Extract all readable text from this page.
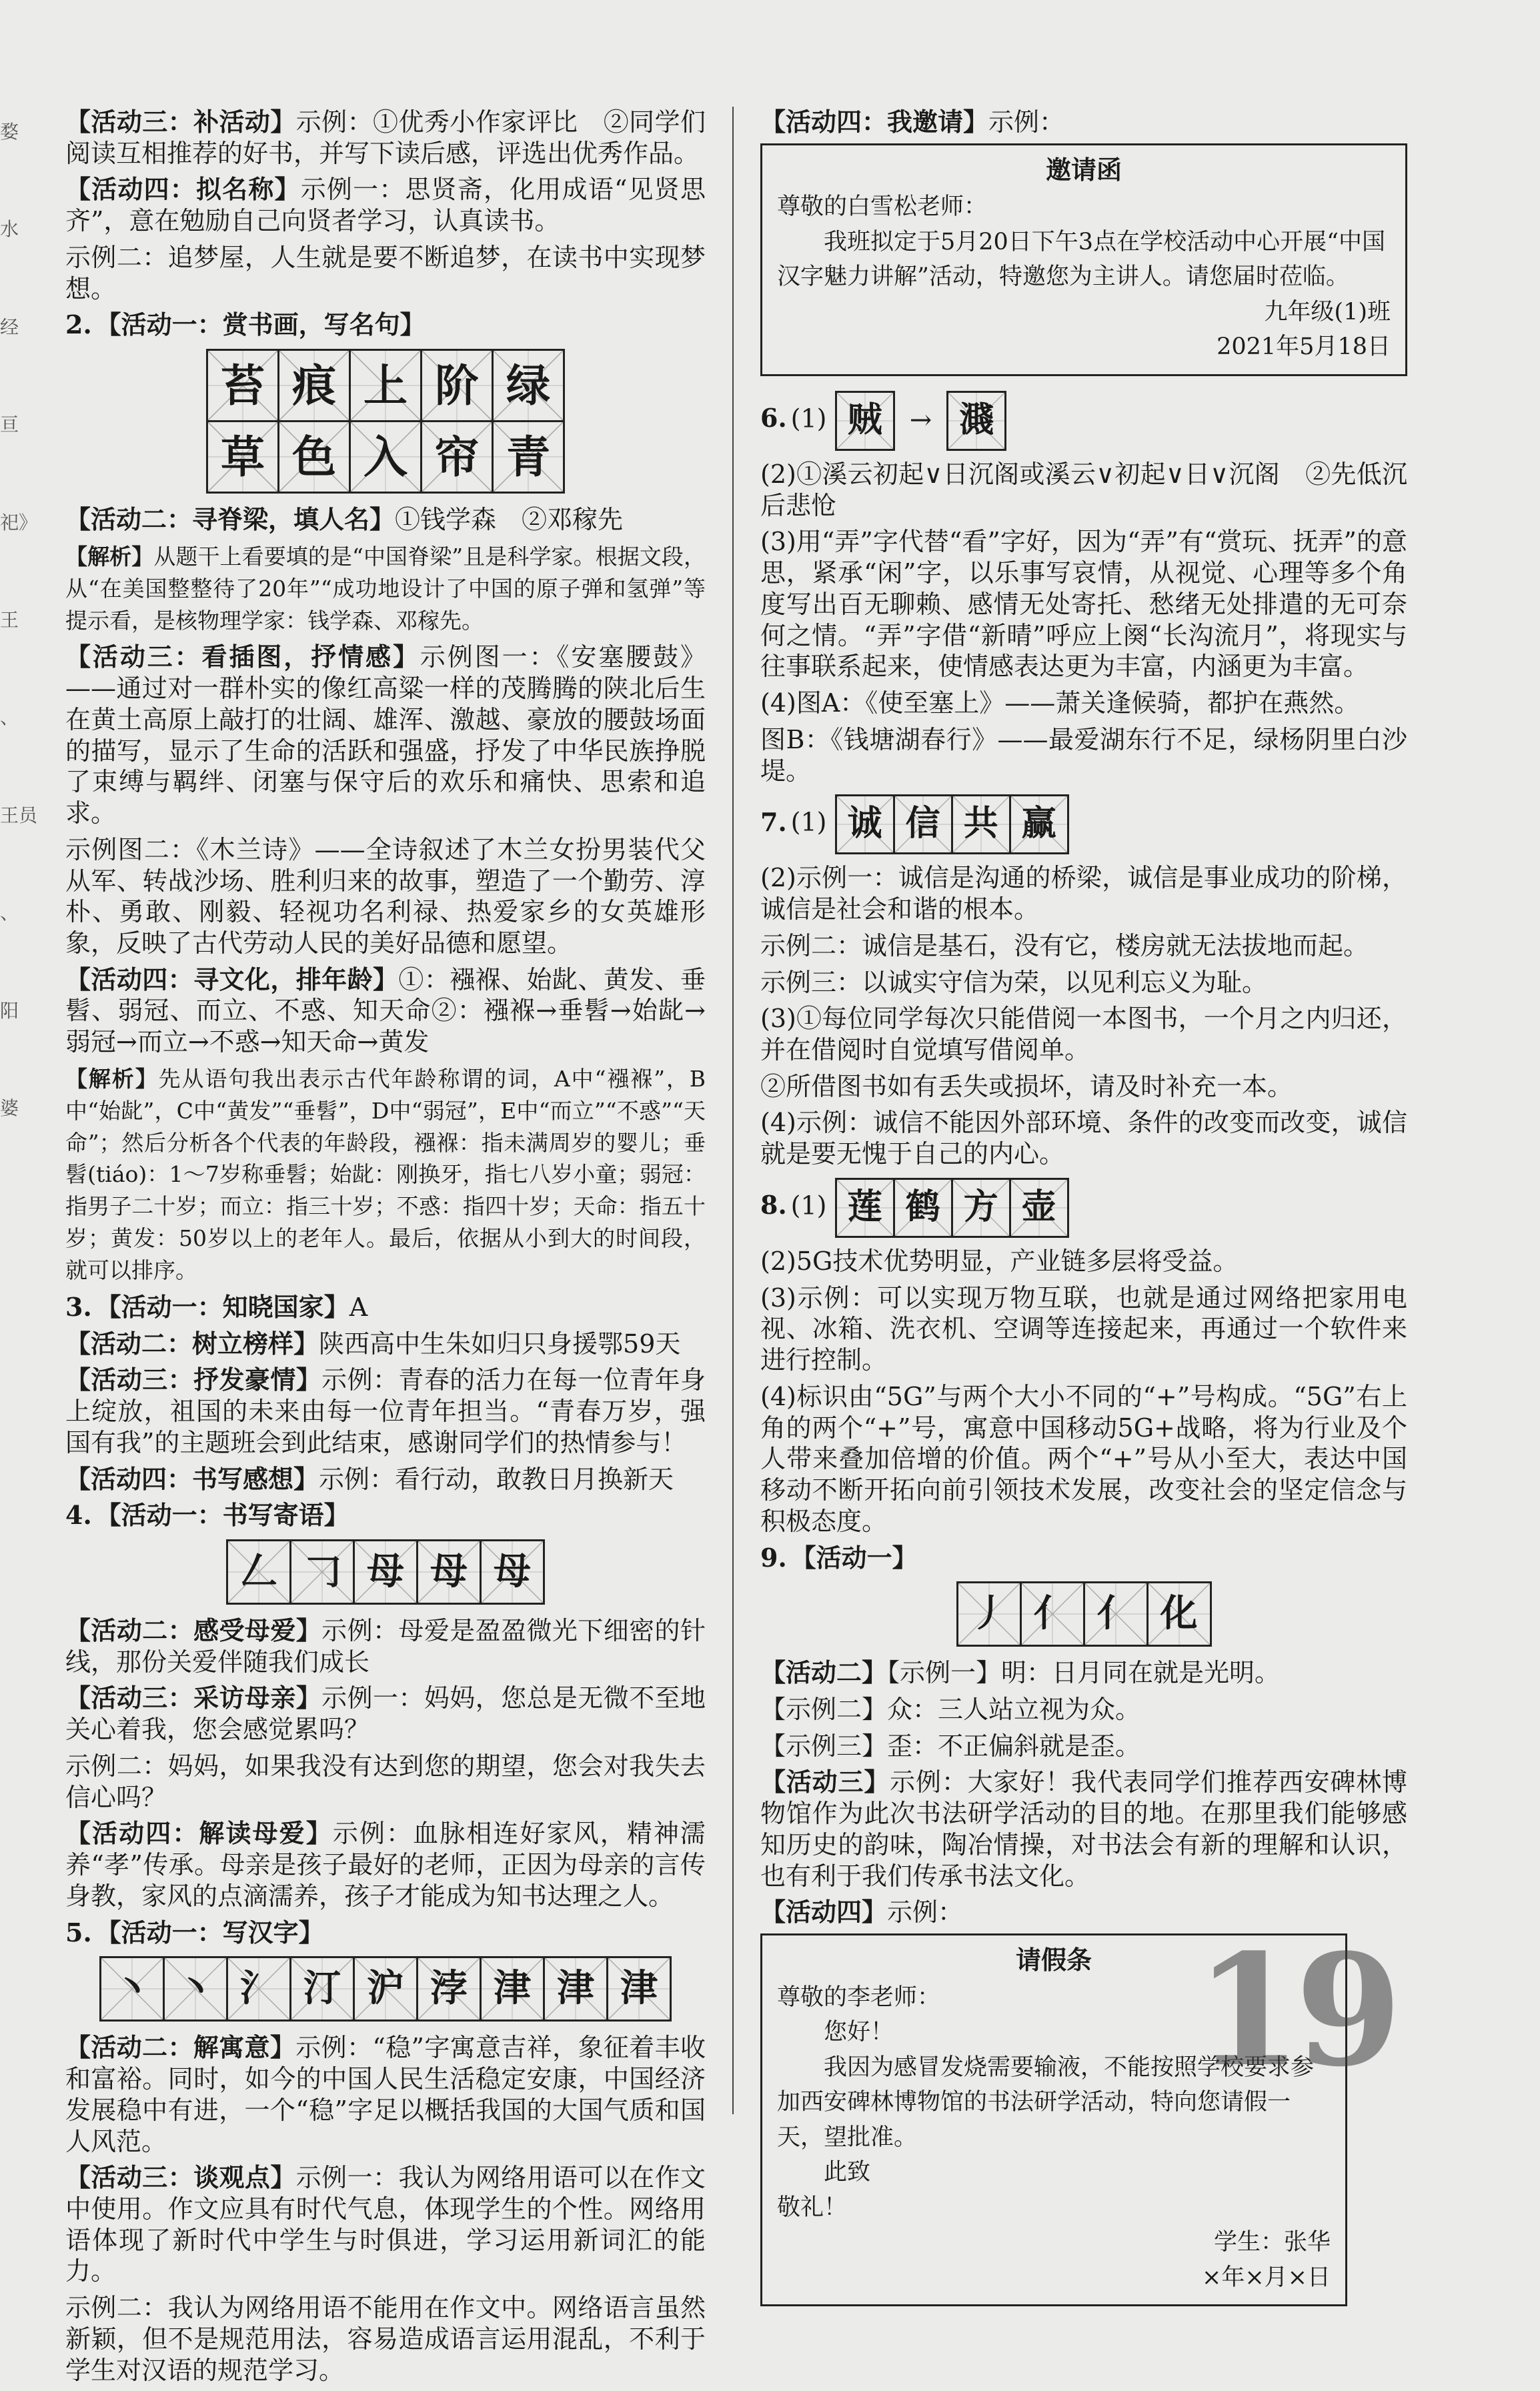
婺
水
经
亘
祀》
王
、
王员
、
阳
婆

【活动三：补活动】示例：①优秀小作家评比　②同学们阅读互相推荐的好书，并写下读后感，评选出优秀作品。

【活动四：拟名称】示例一：思贤斋，化用成语“见贤思齐”，意在勉励自己向贤者学习，认真读书。

示例二：追梦屋，人生就是要不断追梦，在读书中实现梦想。

2. 【活动一：赏书画，写名句】

苔 痕 上 阶 绿
草 色 入 帘 青

【活动二：寻脊梁，填人名】①钱学森　②邓稼先

【解析】从题干上看要填的是“中国脊梁”且是科学家。根据文段，从“在美国整整待了20年”“成功地设计了中国的原子弹和氢弹”等提示看，是核物理学家：钱学森、邓稼先。

【活动三：看插图，抒情感】示例图一：《安塞腰鼓》——通过对一群朴实的像红高粱一样的茂腾腾的陕北后生在黄土高原上敲打的壮阔、雄浑、激越、豪放的腰鼓场面的描写，显示了生命的活跃和强盛，抒发了中华民族挣脱了束缚与羁绊、闭塞与保守后的欢乐和痛快、思索和追求。

示例图二：《木兰诗》——全诗叙述了木兰女扮男装代父从军、转战沙场、胜利归来的故事，塑造了一个勤劳、淳朴、勇敢、刚毅、轻视功名利禄、热爱家乡的女英雄形象，反映了古代劳动人民的美好品德和愿望。

【活动四：寻文化，排年龄】①：襁褓、始龀、黄发、垂髫、弱冠、而立、不惑、知天命②：襁褓→垂髫→始龀→弱冠→而立→不惑→知天命→黄发

【解析】先从语句我出表示古代年龄称谓的词，A中“襁褓”，B中“始龀”，C中“黄发”“垂髫”，D中“弱冠”，E中“而立”“不惑”“天命”；然后分析各个代表的年龄段，襁褓：指未满周岁的婴儿；垂髫(tiáo)：1～7岁称垂髫；始龀：刚换牙，指七八岁小童；弱冠：指男子二十岁；而立：指三十岁；不惑：指四十岁；天命：指五十岁；黄发：50岁以上的老年人。最后，依据从小到大的时间段，就可以排序。

3. 【活动一：知晓国家】A

【活动二：树立榜样】陕西高中生朱如归只身援鄂59天

【活动三：抒发豪情】示例：青春的活力在每一位青年身上绽放，祖国的未来由每一位青年担当。“青春万岁，强国有我”的主题班会到此结束，感谢同学们的热情参与！

【活动四：书写感想】示例：看行动，敢教日月换新天

4. 【活动一：书写寄语】

𠃋 𠃌 母 母 母

【活动二：感受母爱】示例：母爱是盈盈微光下细密的针线，那份关爱伴随我们成长

【活动三：采访母亲】示例一：妈妈，您总是无微不至地关心着我，您会感觉累吗？

示例二：妈妈，如果我没有达到您的期望，您会对我失去信心吗？

【活动四：解读母爱】示例：血脉相连好家风，精神濡养“孝”传承。母亲是孩子最好的老师，正因为母亲的言传身教，家风的点滴濡养，孩子才能成为知书达理之人。

5. 【活动一：写汉字】

丶 丶 氵 汀 沪 浡 津 津 津

【活动二：解寓意】示例：“稳”字寓意吉祥，象征着丰收和富裕。同时，如今的中国人民生活稳定安康，中国经济发展稳中有进，一个“稳”字足以概括我国的大国气质和国人风范。

【活动三：谈观点】示例一：我认为网络用语可以在作文中使用。作文应具有时代气息，体现学生的个性。网络用语体现了新时代中学生与时俱进，学习运用新词汇的能力。

示例二：我认为网络用语不能用在作文中。网络语言虽然新颖，但不是规范用法，容易造成语言运用混乱，不利于学生对汉语的规范学习。

【活动四：我邀请】示例：

邀请函

尊敬的白雪松老师：

我班拟定于5月20日下午3点在学校活动中心开展“中国汉字魅力讲解”活动，特邀您为主讲人。请您届时莅临。

九年级(1)班

2021年5月18日

6. (1) 贼	→ 濺

(2)①溪云初起∨日沉阁或溪云∨初起∨日∨沉阁　②先低沉后悲怆

(3)用“弄”字代替“看”字好，因为“弄”有“赏玩、抚弄”的意思，紧承“闲”字，以乐事写哀情，从视觉、心理等多个角度写出百无聊赖、感情无处寄托、愁绪无处排遣的无可奈何之情。“弄”字借“新晴”呼应上阕“长沟流月”，将现实与往事联系起来，使情感表达更为丰富，内涵更为丰富。

(4)图A：《使至塞上》——萧关逢候骑，都护在燕然。

图B：《钱塘湖春行》——最爱湖东行不足，绿杨阴里白沙堤。

7. (1) 诚 信 共 赢

(2)示例一：诚信是沟通的桥梁，诚信是事业成功的阶梯，诚信是社会和谐的根本。

示例二：诚信是基石，没有它，楼房就无法拔地而起。

示例三：以诚实守信为荣，以见利忘义为耻。

(3)①每位同学每次只能借阅一本图书，一个月之内归还，并在借阅时自觉填写借阅单。

②所借图书如有丢失或损坏，请及时补充一本。

(4)示例：诚信不能因外部环境、条件的改变而改变，诚信就是要无愧于自己的内心。

8. (1) 莲 鹤 方 壶

(2)5G技术优势明显，产业链多层将受益。

(3)示例：可以实现万物互联，也就是通过网络把家用电视、冰箱、洗衣机、空调等连接起来，再通过一个软件来进行控制。

(4)标识由“5G”与两个大小不同的“+”号构成。“5G”右上角的两个“+”号，寓意中国移动5G+战略，将为行业及个人带来叠加倍增的价值。两个“+”号从小至大，表达中国移动不断开拓向前引领技术发展，改变社会的坚定信念与积极态度。

9. 【活动一】

丿 亻 亻 化

【活动二】【示例一】明：日月同在就是光明。

【示例二】众：三人站立视为众。

【示例三】歪：不正偏斜就是歪。

【活动三】示例：大家好！我代表同学们推荐西安碑林博物馆作为此次书法研学活动的目的地。在那里我们能够感知历史的韵味，陶冶情操，对书法会有新的理解和认识，也有利于我们传承书法文化。

【活动四】示例：

请假条

尊敬的李老师：

您好！

我因为感冒发烧需要输液，不能按照学校要求参加西安碑林博物馆的书法研学活动，特向您请假一天，望批准。

此致

敬礼！

学生：张华

×年×月×日

19
